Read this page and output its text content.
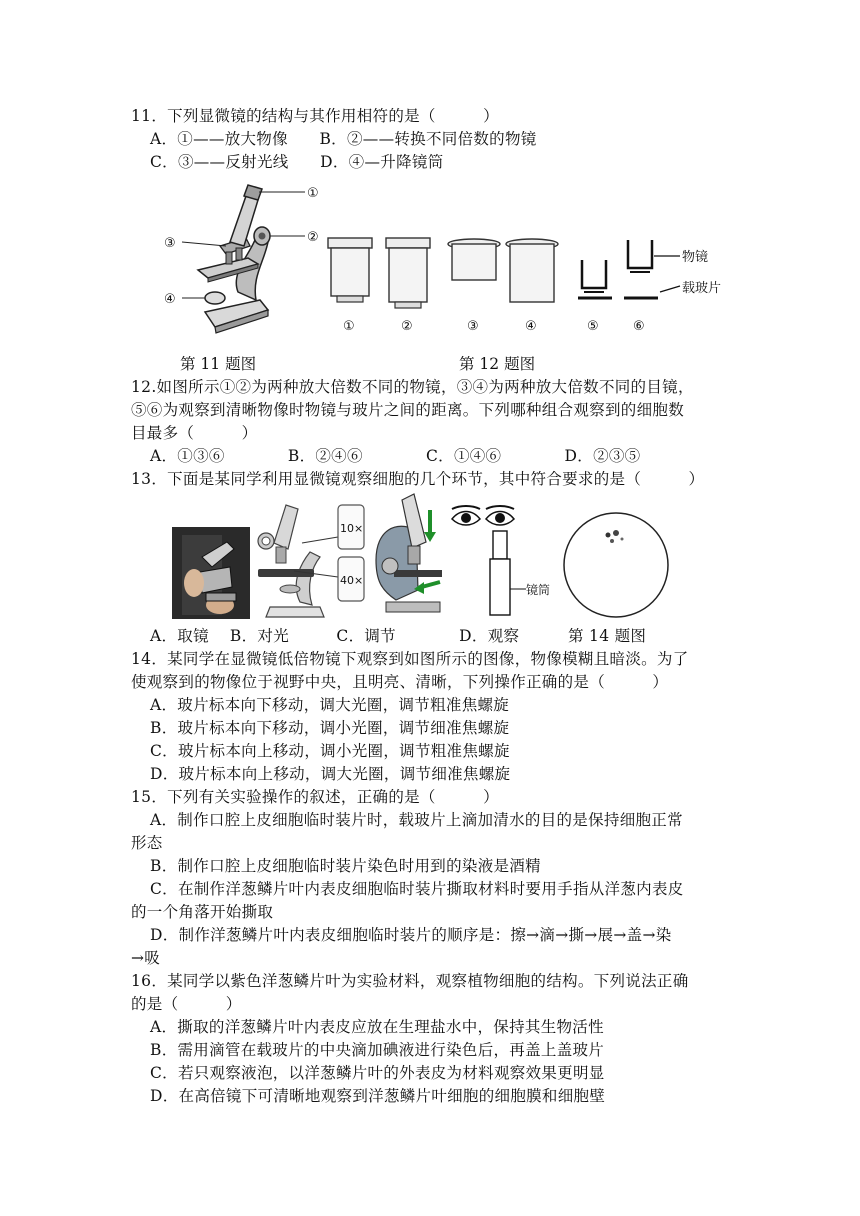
11．下列显微镜的结构与其作用相符的是（　　　）
A．①——放大物像　　B．②——转换不同倍数的物镜
C．③——反射光线　　D．④—升降镜筒
①
②
③
④
物镜
载玻片
①	②	③	④	⑤	⑥
第 11 题图	第 12 题图
12.如图所示①②为两种放大倍数不同的物镜，③④为两种放大倍数不同的目镜，
⑤⑥为观察到清晰物像时物镜与玻片之间的距离。下列哪种组合观察到的细胞数
目最多（　　　）
A．①③⑥　　　　B．②④⑥　　　　C．①④⑥　　　　D．②③⑤
13．下面是某同学利用显微镜观察细胞的几个环节，其中符合要求的是（　　　）
10×
40×
镜筒
A．取镜　 B．对光　　　C．调节　　　　D．观察	第 14 题图
14．某同学在显微镜低倍物镜下观察到如图所示的图像，物像模糊且暗淡。为了
使观察到的物像位于视野中央，且明亮、清晰，下列操作正确的是（　　　）
A．玻片标本向下移动，调大光圈，调节粗准焦螺旋
B．玻片标本向下移动，调小光圈，调节细准焦螺旋
C．玻片标本向上移动，调小光圈，调节粗准焦螺旋
D．玻片标本向上移动，调大光圈，调节细准焦螺旋
15．下列有关实验操作的叙述，正确的是（　　　）
A．制作口腔上皮细胞临时装片时，载玻片上滴加清水的目的是保持细胞正常
形态
B．制作口腔上皮细胞临时装片染色时用到的染液是酒精
C．在制作洋葱鳞片叶内表皮细胞临时装片撕取材料时要用手指从洋葱内表皮
的一个角落开始撕取
D．制作洋葱鳞片叶内表皮细胞临时装片的顺序是：擦→滴→撕→展→盖→染
→吸
16．某同学以紫色洋葱鳞片叶为实验材料，观察植物细胞的结构。下列说法正确
的是（　　　）
A．撕取的洋葱鳞片叶内表皮应放在生理盐水中，保持其生物活性
B．需用滴管在载玻片的中央滴加碘液进行染色后，再盖上盖玻片
C．若只观察液泡，以洋葱鳞片叶的外表皮为材料观察效果更明显
D．在高倍镜下可清晰地观察到洋葱鳞片叶细胞的细胞膜和细胞壁
